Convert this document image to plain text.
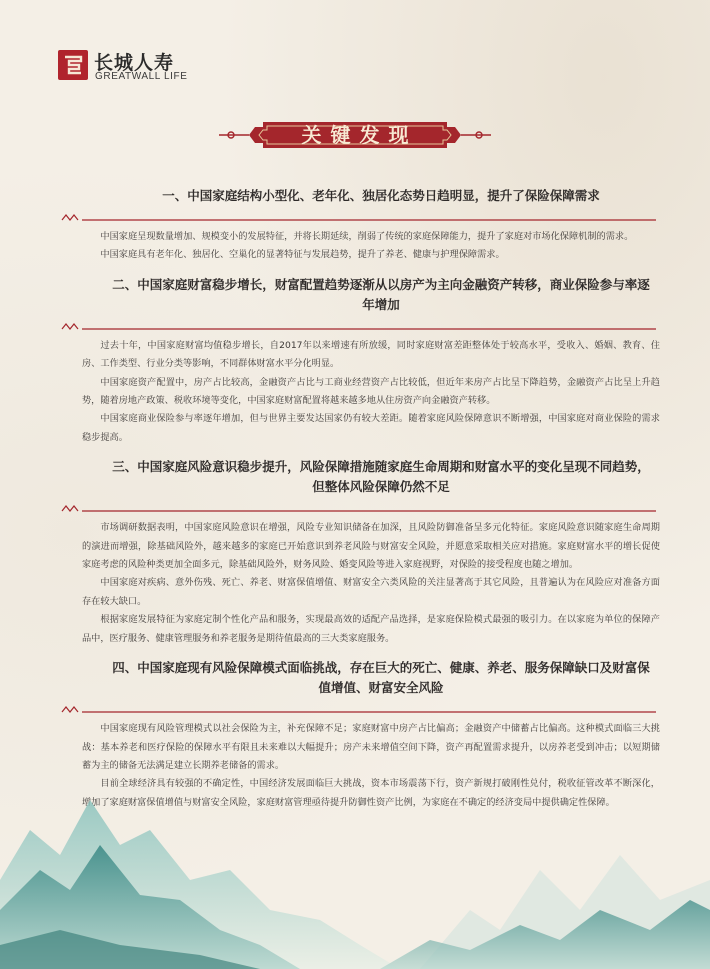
长城人寿
GREATWALL LIFE
关键发现
一、中国家庭结构小型化、老年化、独居化态势日趋明显，提升了保险保障需求

中国家庭呈现数量增加、规模变小的发展特征，并将长期延续，削弱了传统的家庭保障能力，提升了家庭对市场化保障机制的需求。

中国家庭具有老年化、独居化、空巢化的显著特征与发展趋势，提升了养老、健康与护理保障需求。

二、中国家庭财富稳步增长，财富配置趋势逐渐从以房产为主向金融资产转移，商业保险参与率逐年增加

过去十年，中国家庭财富均值稳步增长，自2017年以来增速有所放缓，同时家庭财富差距整体处于较高水平，受收入、婚姻、教育、住房、工作类型、行业分类等影响，不同群体财富水平分化明显。

中国家庭资产配置中，房产占比较高，金融资产占比与工商业经营资产占比较低，但近年来房产占比呈下降趋势，金融资产占比呈上升趋势，随着房地产政策、税收环境等变化，中国家庭财富配置将越来越多地从住房资产向金融资产转移。

中国家庭商业保险参与率逐年增加，但与世界主要发达国家仍有较大差距。随着家庭风险保障意识不断增强，中国家庭对商业保险的需求稳步提高。

三、中国家庭风险意识稳步提升，风险保障措施随家庭生命周期和财富水平的变化呈现不同趋势，但整体风险保障仍然不足

市场调研数据表明，中国家庭风险意识在增强，风险专业知识储备在加深，且风险防御准备呈多元化特征。家庭风险意识随家庭生命周期的演进而增强，除基础风险外，越来越多的家庭已开始意识到养老风险与财富安全风险，并愿意采取相关应对措施。家庭财富水平的增长促使家庭考虑的风险种类更加全面多元，除基础风险外，财务风险、婚变风险等进入家庭视野，对保险的接受程度也随之增加。

中国家庭对疾病、意外伤残、死亡、养老、财富保值增值、财富安全六类风险的关注显著高于其它风险，且普遍认为在风险应对准备方面存在较大缺口。

根据家庭发展特征为家庭定制个性化产品和服务，实现最高效的适配产品选择，是家庭保险模式最强的吸引力。在以家庭为单位的保障产品中，医疗服务、健康管理服务和养老服务是期待值最高的三大类家庭服务。

四、中国家庭现有风险保障模式面临挑战，存在巨大的死亡、健康、养老、服务保障缺口及财富保值增值、财富安全风险

中国家庭现有风险管理模式以社会保险为主，补充保障不足；家庭财富中房产占比偏高；金融资产中储蓄占比偏高。这种模式面临三大挑战：基本养老和医疗保险的保障水平有限且未来难以大幅提升；房产未来增值空间下降，资产再配置需求提升，以房养老受到冲击；以短期储蓄为主的储备无法满足建立长期养老储备的需求。

目前全球经济具有较强的不确定性，中国经济发展面临巨大挑战，资本市场震荡下行，资产新规打破刚性兑付，税收征管改革不断深化，增加了家庭财富保值增值与财富安全风险，家庭财富管理亟待提升防御性资产比例，为家庭在不确定的经济变局中提供确定性保障。
